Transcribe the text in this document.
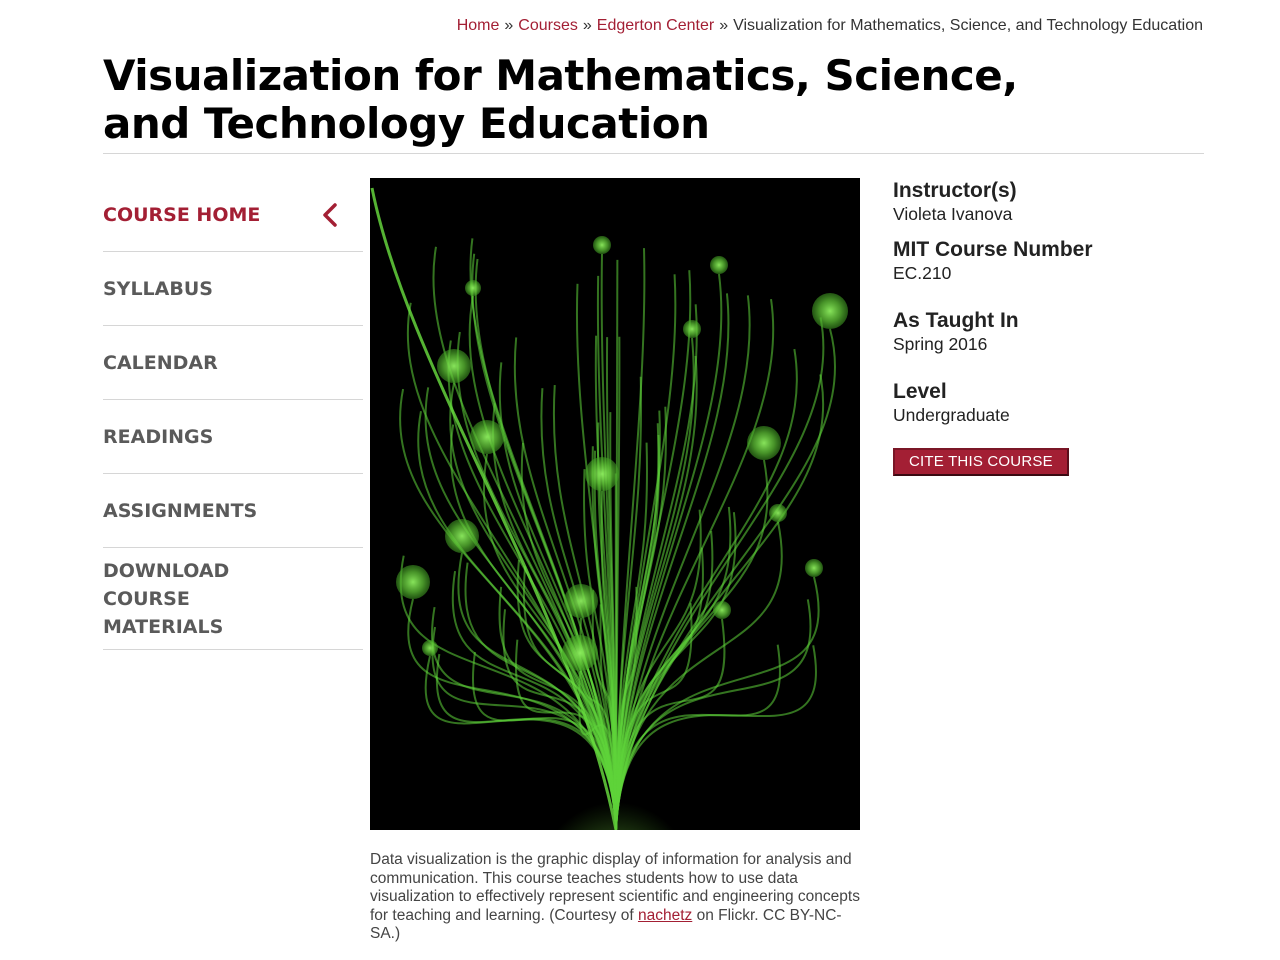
Home » Courses » Edgerton Center » Visualization for Mathematics, Science, and Technology Education
Visualization for Mathematics, Science, and Technology Education
COURSE HOME
SYLLABUS
CALENDAR
READINGS
ASSIGNMENTS
DOWNLOAD COURSE MATERIALS
Data visualization is the graphic display of information for analysis and communication. This course teaches students how to use data visualization to effectively represent scientific and engineering concepts for teaching and learning. (Courtesy of nachetz on Flickr. CC BY-NC-SA.)

Instructor(s)

Violeta Ivanova

MIT Course Number

EC.210

As Taught In

Spring 2016

Level

Undergraduate

CITE THIS COURSE
